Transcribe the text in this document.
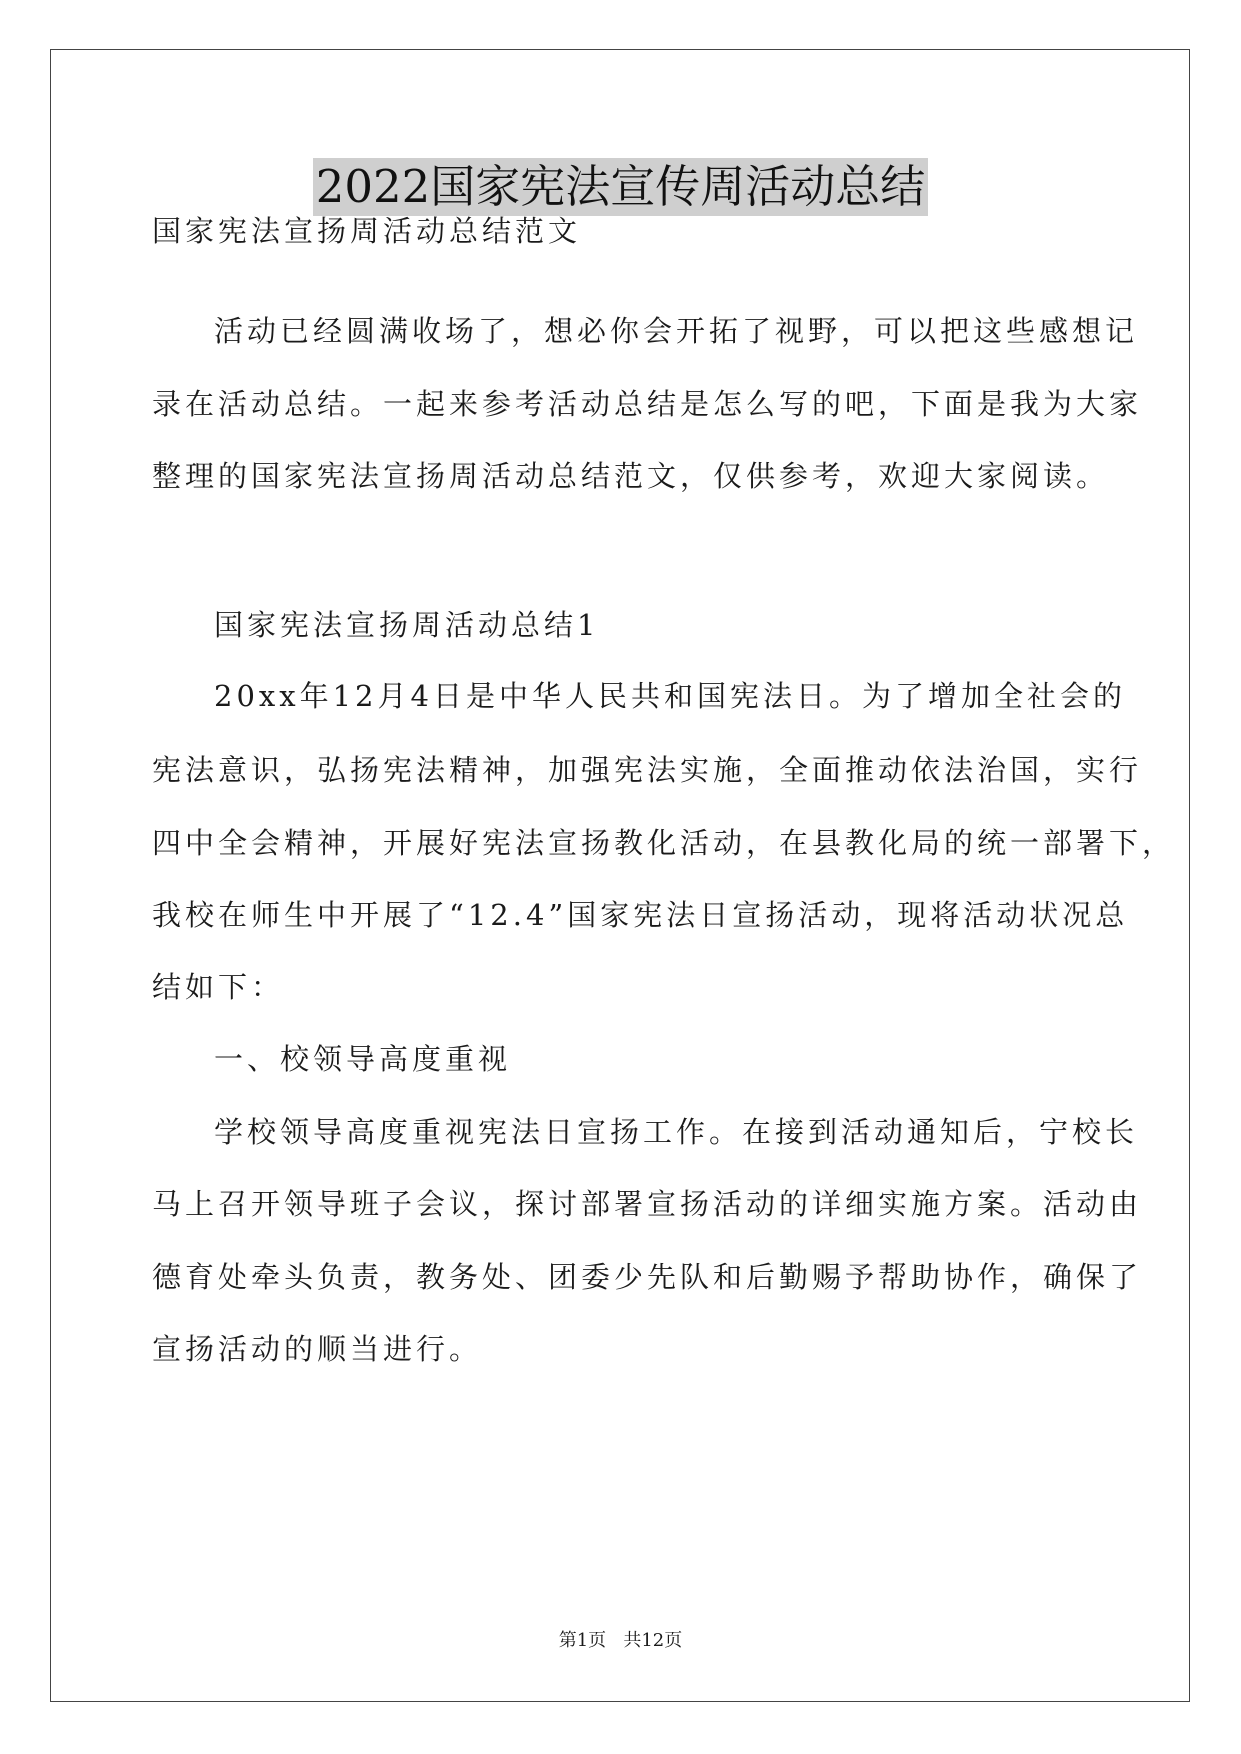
2022国家宪法宣传周活动总结
国家宪法宣扬周活动总结范文
活动已经圆满收场了，想必你会开拓了视野，可以把这些感想记
录在活动总结。一起来参考活动总结是怎么写的吧，下面是我为大家
整理的国家宪法宣扬周活动总结范文，仅供参考，欢迎大家阅读。
国家宪法宣扬周活动总结1
20xx年12月4日是中华人民共和国宪法日。为了增加全社会的
宪法意识，弘扬宪法精神，加强宪法实施，全面推动依法治国，实行
四中全会精神，开展好宪法宣扬教化活动，在县教化局的统一部署下，
我校在师生中开展了“12.4”国家宪法日宣扬活动，现将活动状况总
结如下：
一、校领导高度重视
学校领导高度重视宪法日宣扬工作。在接到活动通知后，宁校长
马上召开领导班子会议，探讨部署宣扬活动的详细实施方案。活动由
德育处牵头负责，教务处、团委少先队和后勤赐予帮助协作，确保了
宣扬活动的顺当进行。
第1页   共12页
